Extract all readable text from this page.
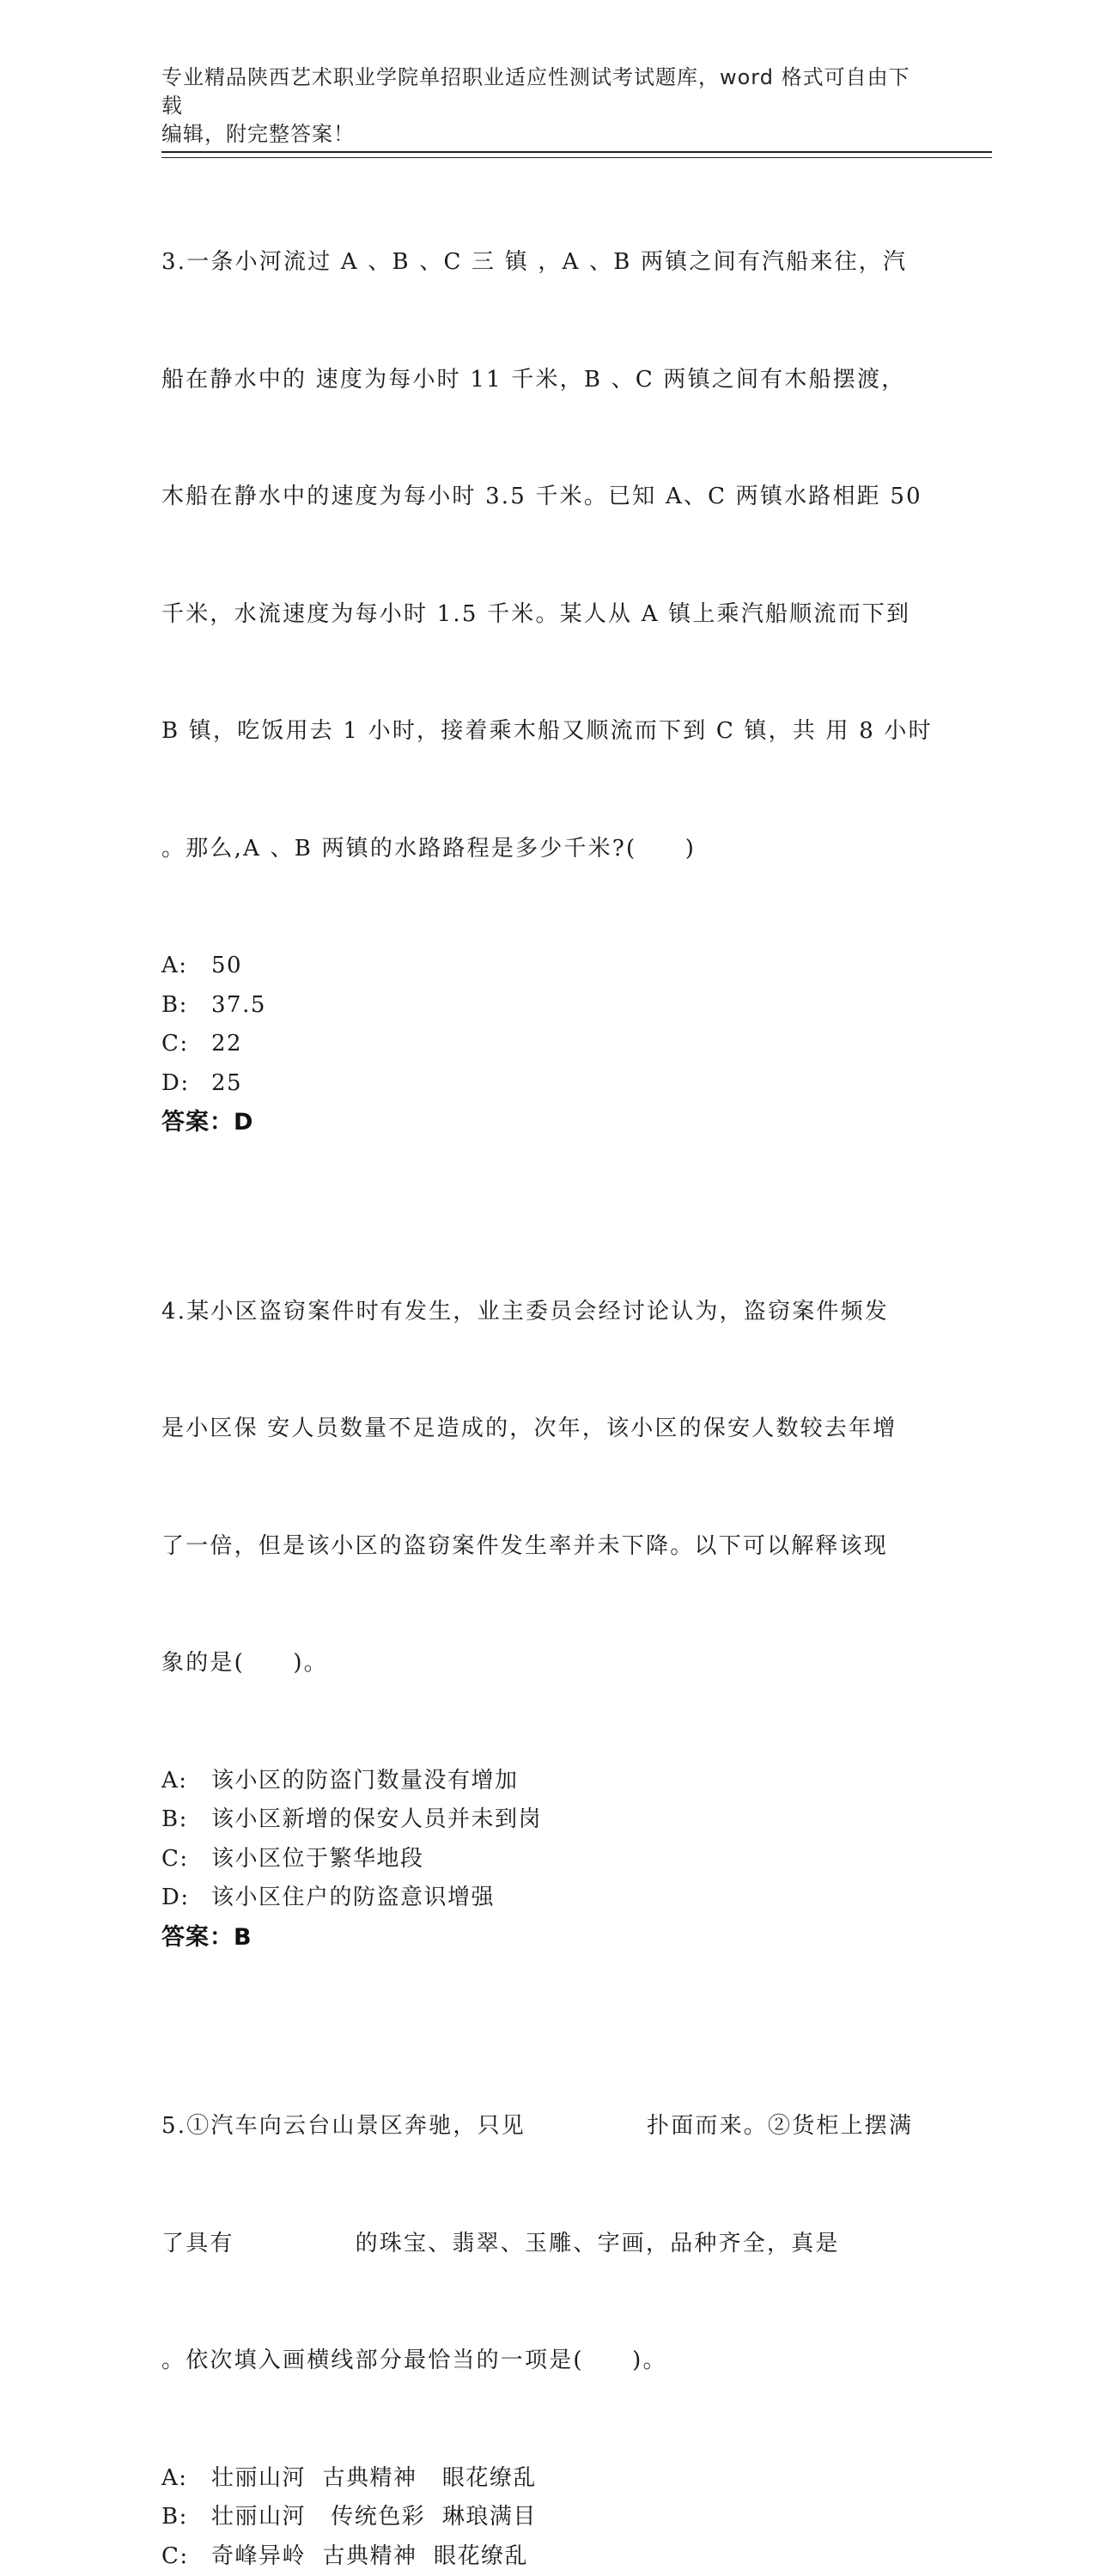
专业精品陕西艺术职业学院单招职业适应性测试考试题库，word 格式可自由下载
编辑，附完整答案！

3.一条小河流过 A 、B 、C 三 镇 ，A 、B 两镇之间有汽船来往，汽

船在静水中的 速度为每小时 11 千米，B 、C 两镇之间有木船摆渡，

木船在静水中的速度为每小时 3.5 千米。已知 A、C 两镇水路相距 50

千米，水流速度为每小时 1.5 千米。某人从 A 镇上乘汽船顺流而下到

B 镇，吃饭用去 1 小时，接着乘木船又顺流而下到 C 镇，共 用 8 小时

。那么,A 、B 两镇的水路路程是多少千米?(　　)

A:	50
B:	37.5
C:	22
D: 25
答案：D

4.某小区盗窃案件时有发生，业主委员会经讨论认为，盗窃案件频发

是小区保 安人员数量不足造成的，次年，该小区的保安人数较去年增

了一倍，但是该小区的盗窃案件发生率并未下降。以下可以解释该现

象的是(　　)。

A:	该小区的防盗门数量没有增加
B:	该小区新增的保安人员并未到岗
C:	该小区位于繁华地段
D: 该小区住户的防盗意识增强
答案：B

5.①汽车向云台山景区奔驰，只见　　　　　扑面而来。②货柜上摆满

了具有　　　　　的珠宝、翡翠、玉雕、字画，品种齐全，真是

。依次填入画横线部分最恰当的一项是(　　)。

A:	壮丽山河  古典精神   眼花缭乱
B:	壮丽山河   传统色彩  琳琅满目
C:	奇峰异岭  古典精神  眼花缭乱
